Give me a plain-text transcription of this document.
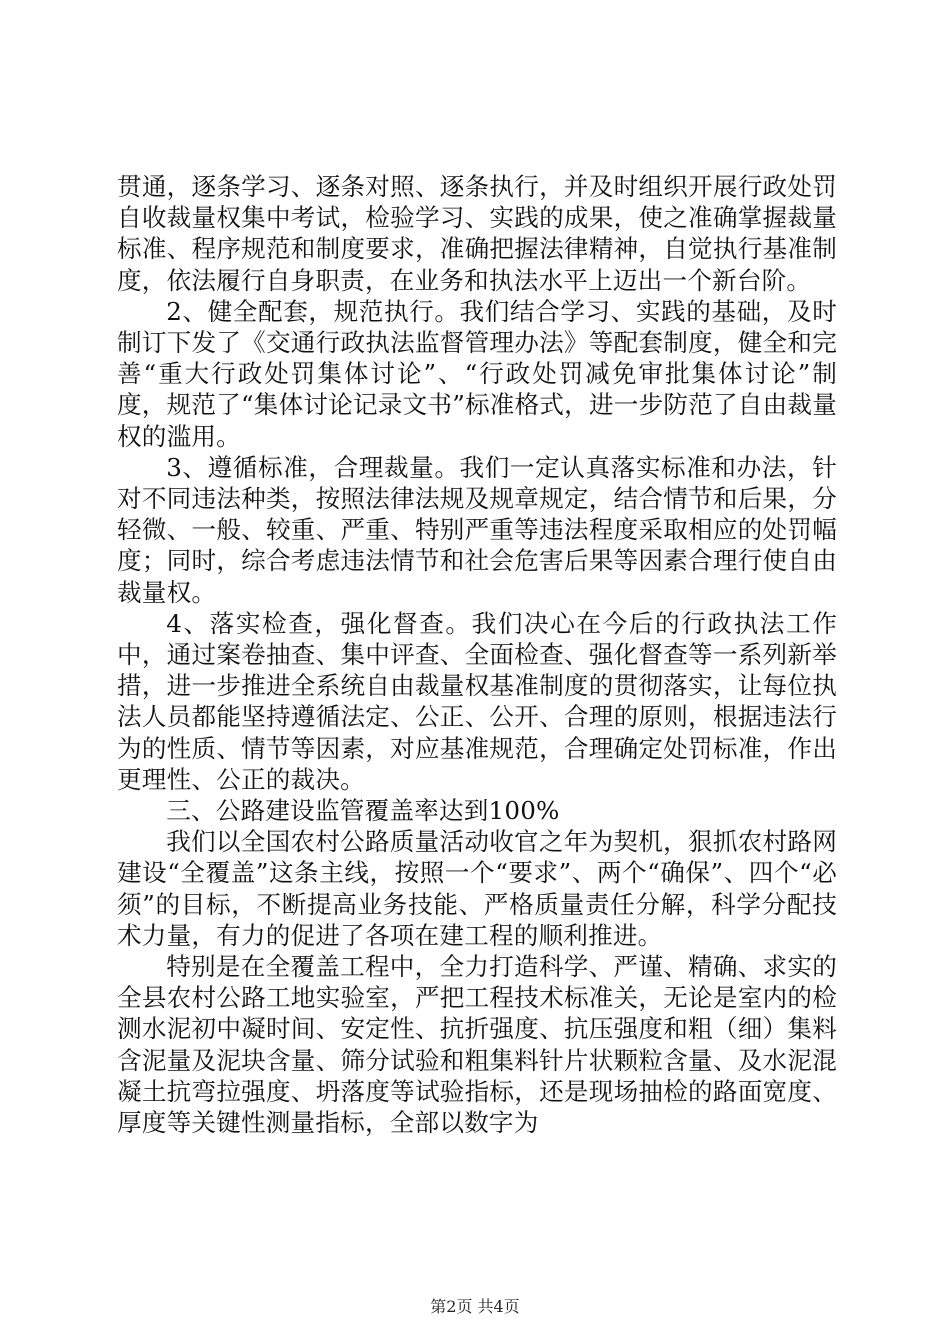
贯通，逐条学习、逐条对照、逐条执行，并及时组织开展行政处罚自收裁量权集中考试，检验学习、实践的成果，使之准确掌握裁量标准、程序规范和制度要求，准确把握法律精神，自觉执行基准制度，依法履行自身职责，在业务和执法水平上迈出一个新台阶。

2、健全配套，规范执行。我们结合学习、实践的基础，及时制订下发了《交通行政执法监督管理办法》等配套制度，健全和完善“重大行政处罚集体讨论”、“行政处罚减免审批集体讨论”制度，规范了“集体讨论记录文书”标准格式，进一步防范了自由裁量权的滥用。

3、遵循标准，合理裁量。我们一定认真落实标准和办法，针对不同违法种类，按照法律法规及规章规定，结合情节和后果，分轻微、一般、较重、严重、特别严重等违法程度采取相应的处罚幅度；同时，综合考虑违法情节和社会危害后果等因素合理行使自由裁量权。

4、落实检查，强化督查。我们决心在今后的行政执法工作中，通过案卷抽查、集中评查、全面检查、强化督查等一系列新举措，进一步推进全系统自由裁量权基准制度的贯彻落实，让每位执法人员都能坚持遵循法定、公正、公开、合理的原则，根据违法行为的性质、情节等因素，对应基准规范，合理确定处罚标准，作出更理性、公正的裁决。

三、公路建设监管覆盖率达到100%

我们以全国农村公路质量活动收官之年为契机，狠抓农村路网建设“全覆盖”这条主线，按照一个“要求”、两个“确保”、四个“必须”的目标，不断提高业务技能、严格质量责任分解，科学分配技术力量，有力的促进了各项在建工程的顺利推进。

特别是在全覆盖工程中，全力打造科学、严谨、精确、求实的全县农村公路工地实验室，严把工程技术标准关，无论是室内的检测水泥初中凝时间、安定性、抗折强度、抗压强度和粗（细）集料含泥量及泥块含量、筛分试验和粗集料针片状颗粒含量、及水泥混凝土抗弯拉强度、坍落度等试验指标，还是现场抽检的路面宽度、厚度等关键性测量指标，全部以数字为

第2页 共4页
